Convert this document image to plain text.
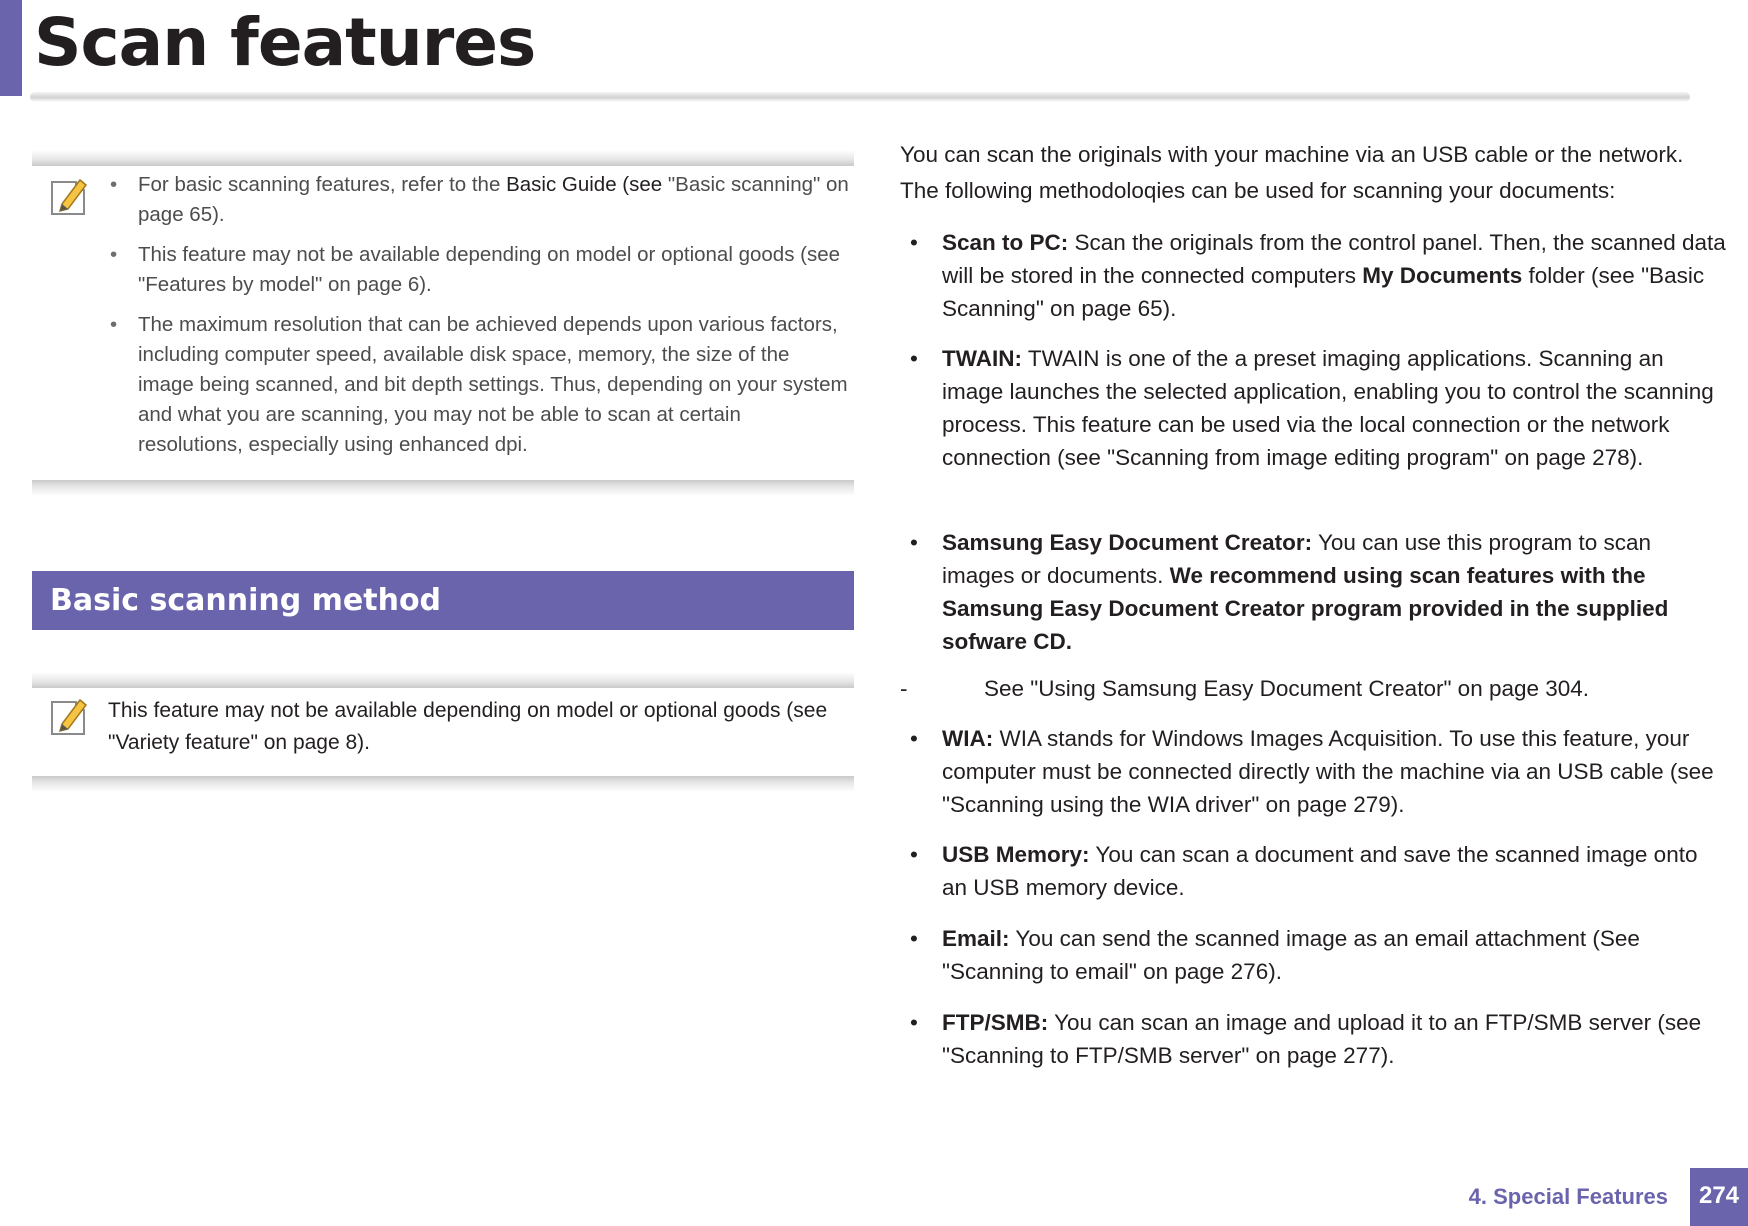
Scan features
• For basic scanning features, refer to the Basic Guide (see "Basic scanning" on page 65).
• This feature may not be available depending on model or optional goods (see "Features by model" on page 6).
• The maximum resolution that can be achieved depends upon various factors, including computer speed, available disk space, memory, the size of the image being scanned, and bit depth settings. Thus, depending on your system and what you are scanning, you may not be able to scan at certain resolutions, especially using enhanced dpi.
Basic scanning method

This feature may not be available depending on model or optional goods (see "Variety feature" on page 8).

You can scan the originals with your machine via an USB cable or the network.

The following methodoloqies can be used for scanning your documents:

• Scan to PC: Scan the originals from the control panel. Then, the scanned data will be stored in the connected computers My Documents folder (see "Basic Scanning" on page 65).
• TWAIN: TWAIN is one of the a preset imaging applications. Scanning an image launches the selected application, enabling you to control the scanning process. This feature can be used via the local connection or the network connection (see "Scanning from image editing program" on page 278).
• Samsung Easy Document Creator: You can use this program to scan images or documents. We recommend using scan features with the Samsung Easy Document Creator program provided in the supplied sofware CD.
-	See "Using Samsung Easy Document Creator" on page 304.
• WIA: WIA stands for Windows Images Acquisition. To use this feature, your computer must be connected directly with the machine via an USB cable (see "Scanning using the WIA driver" on page 279).
• USB Memory: You can scan a document and save the scanned image onto an USB memory device.
• Email: You can send the scanned image as an email attachment (See "Scanning to email" on page 276).
• FTP/SMB: You can scan an image and upload it to an FTP/SMB server (see "Scanning to FTP/SMB server" on page 277).
4. Special Features	274
